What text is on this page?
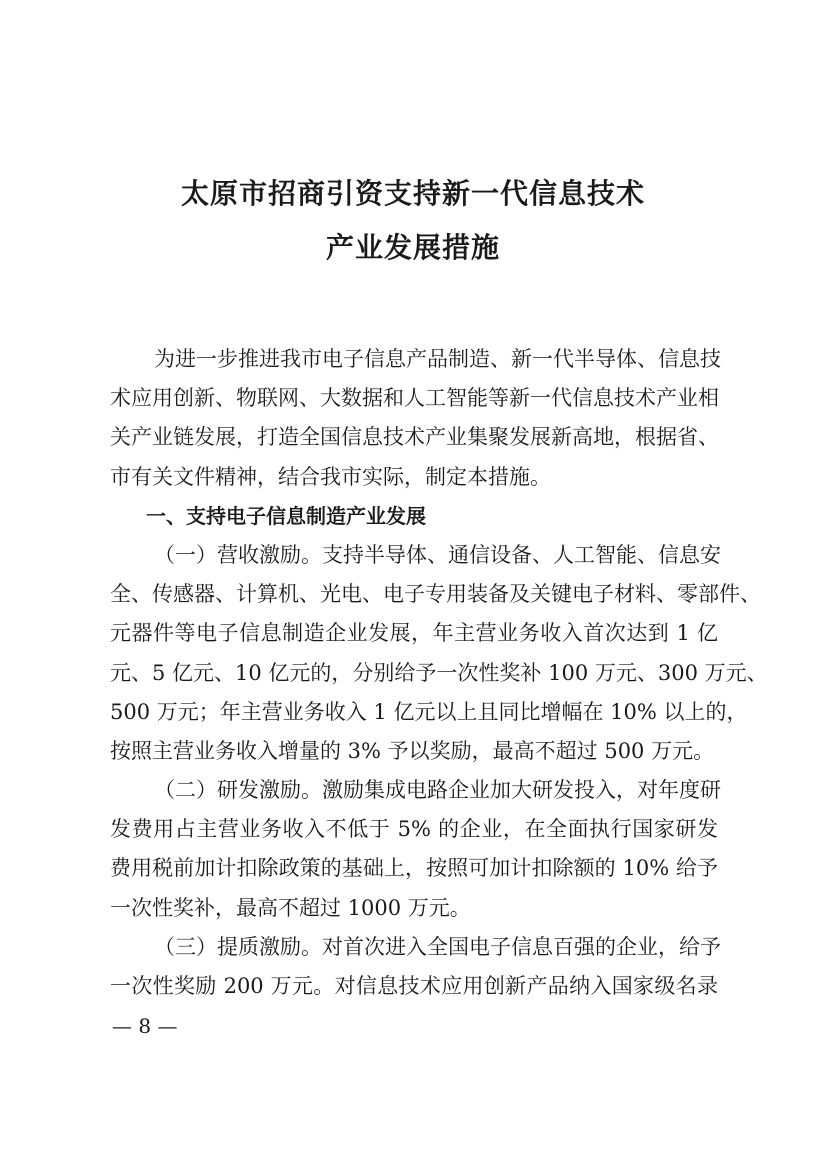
太原市招商引资支持新一代信息技术
产业发展措施
为进一步推进我市电子信息产品制造、新一代半导体、信息技
术应用创新、物联网、大数据和人工智能等新一代信息技术产业相
关产业链发展，打造全国信息技术产业集聚发展新高地，根据省、
市有关文件精神，结合我市实际，制定本措施。
一、支持电子信息制造产业发展
（一）营收激励。支持半导体、通信设备、人工智能、信息安
全、传感器、计算机、光电、电子专用装备及关键电子材料、零部件、
元器件等电子信息制造企业发展，年主营业务收入首次达到 1 亿
元、5 亿元、10 亿元的，分别给予一次性奖补 100 万元、300 万元、
500 万元；年主营业务收入 1 亿元以上且同比增幅在 10% 以上的，
按照主营业务收入增量的 3% 予以奖励，最高不超过 500 万元。
（二）研发激励。激励集成电路企业加大研发投入，对年度研
发费用占主营业务收入不低于 5% 的企业，在全面执行国家研发
费用税前加计扣除政策的基础上，按照可加计扣除额的 10% 给予
一次性奖补，最高不超过 1000 万元。
（三）提质激励。对首次进入全国电子信息百强的企业，给予
一次性奖励 200 万元。对信息技术应用创新产品纳入国家级名录
— 8 —
